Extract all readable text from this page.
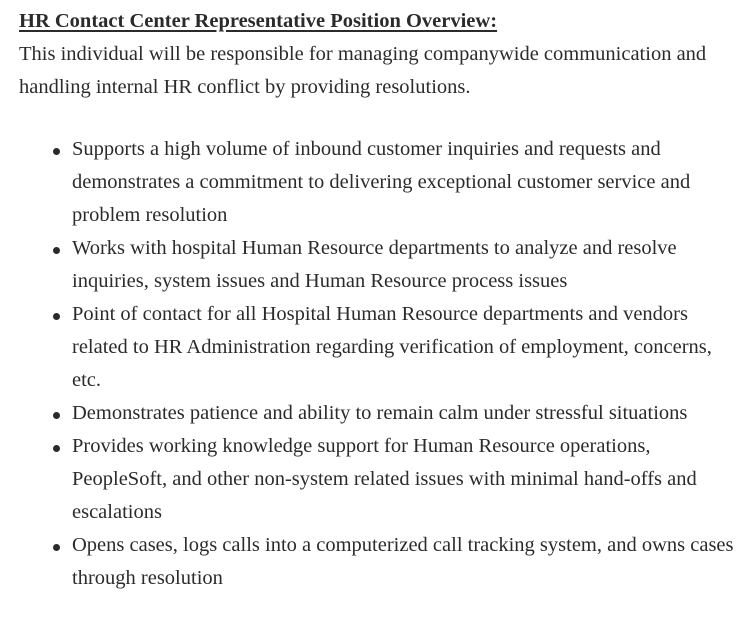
HR Contact Center Representative Position Overview:

This individual will be responsible for managing companywide communication and handling internal HR conflict by providing resolutions.

Supports a high volume of inbound customer inquiries and requests and demonstrates a commitment to delivering exceptional customer service and problem resolution
Works with hospital Human Resource departments to analyze and resolve inquiries, system issues and Human Resource process issues
Point of contact for all Hospital Human Resource departments and vendors related to HR Administration regarding verification of employment, concerns, etc.
Demonstrates patience and ability to remain calm under stressful situations
Provides working knowledge support for Human Resource operations, PeopleSoft, and other non-system related issues with minimal hand-offs and escalations
Opens cases, logs calls into a computerized call tracking system, and owns cases through resolution
